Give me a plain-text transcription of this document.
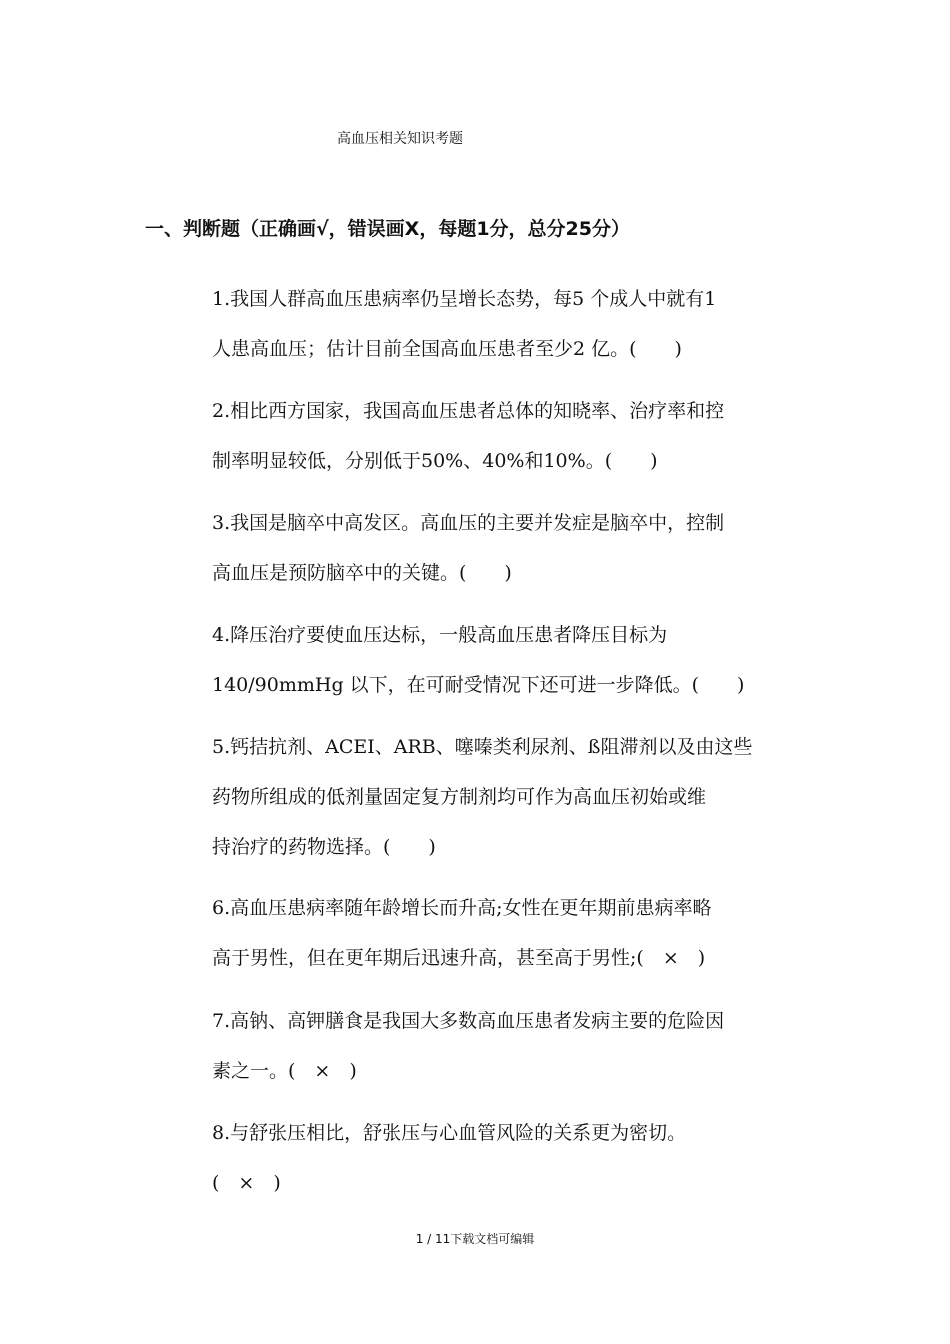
高血压相关知识考题
一、判断题（正确画√，错误画X，每题1分，总分25分）
1.我国人群高血压患病率仍呈增长态势，每5 个成人中就有1
人患高血压；估计目前全国高血压患者至少2 亿。(　　)
2.相比西方国家，我国高血压患者总体的知晓率、治疗率和控
制率明显较低，分别低于50%、40%和10%。(　　)
3.我国是脑卒中高发区。高血压的主要并发症是脑卒中，控制
高血压是预防脑卒中的关键。(　　)
4.降压治疗要使血压达标，一般高血压患者降压目标为
140/90mmHg 以下，在可耐受情况下还可进一步降低。(　　)
5.钙拮抗剂、ACEI、ARB、噻嗪类利尿剂、ß阻滞剂以及由这些
药物所组成的低剂量固定复方制剂均可作为高血压初始或维
持治疗的药物选择。(　　)
6.高血压患病率随年龄增长而升高;女性在更年期前患病率略
高于男性，但在更年期后迅速升高，甚至高于男性;(　×　)
7.高钠、高钾膳食是我国大多数高血压患者发病主要的危险因
素之一。(　×　)
8.与舒张压相比，舒张压与心血管风险的关系更为密切。
(　×　)
1 / 11下载文档可编辑
